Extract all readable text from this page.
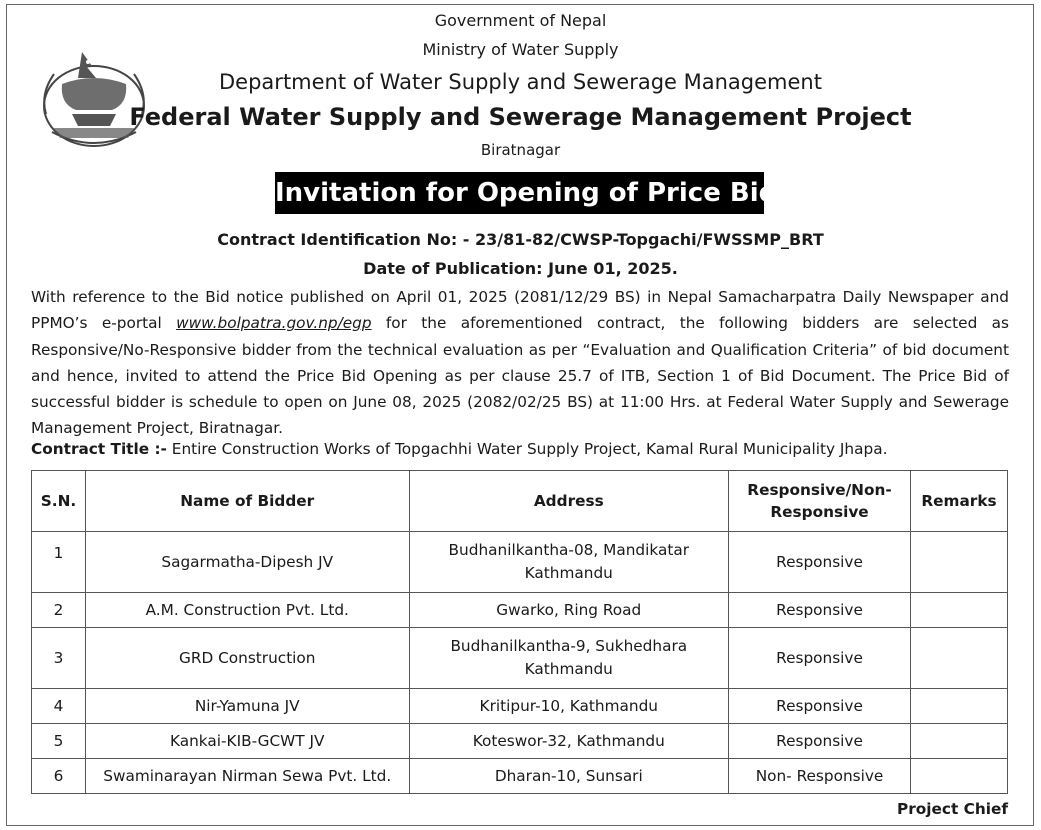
Government of Nepal
Ministry of Water Supply
Department of Water Supply and Sewerage Management
Federal Water Supply and Sewerage Management Project
Biratnagar
Invitation for Opening of Price Bids
Contract Identification No: - 23/81-82/CWSP-Topgachi/FWSSMP_BRT
Date of Publication: June 01, 2025.
With reference to the Bid notice published on April 01, 2025 (2081/12/29 BS) in Nepal Samacharpatra Daily Newspaper and PPMO’s e-portal www.bolpatra.gov.np/egp for the aforementioned contract, the following bidders are selected as Responsive/No-Responsive bidder from the technical evaluation as per “Evaluation and Qualification Criteria” of bid document and hence, invited to attend the Price Bid Opening as per clause 25.7 of ITB, Section 1 of Bid Document. The Price Bid of successful bidder is schedule to open on June 08, 2025 (2082/02/25 BS) at 11:00 Hrs. at Federal Water Supply and Sewerage Management Project, Biratnagar.
Contract Title :- Entire Construction Works of Topgachhi Water Supply Project, Kamal Rural Municipality Jhapa.
S.N.	Name of Bidder	Address	Responsive/Non-Responsive	Remarks
1	Sagarmatha-Dipesh JV	Budhanilkantha-08, Mandikatar Kathmandu	Responsive	
2	A.M. Construction Pvt. Ltd.	Gwarko, Ring Road	Responsive	
3	GRD Construction	Budhanilkantha-9, Sukhedhara Kathmandu	Responsive	
4	Nir-Yamuna JV	Kritipur-10, Kathmandu	Responsive	
5	Kankai-KIB-GCWT JV	Koteswor-32, Kathmandu	Responsive	
6	Swaminarayan Nirman Sewa Pvt. Ltd.	Dharan-10, Sunsari	Non- Responsive	
Project Chief
